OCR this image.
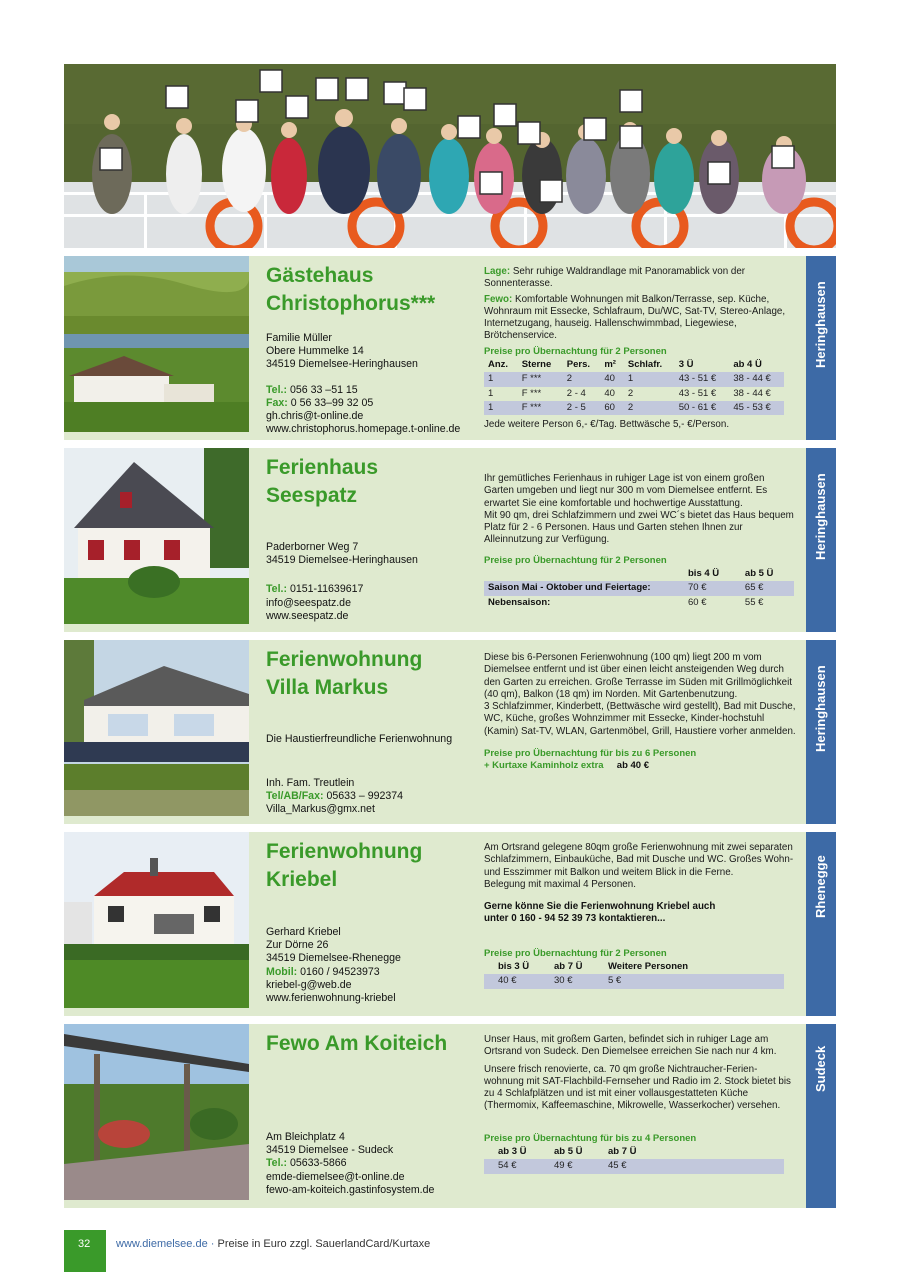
Gästehaus
Christophorus***
Familie Müller
Obere Hummelke 14
34519 Diemelsee-Heringhausen
Tel.: 056 33 –51 15
Fax: 0 56 33–99 32 05
gh.chris@t-online.de
www.christophorus.homepage.t-online.de

Lage: Sehr ruhige Waldrandlage mit Panoramablick von der Sonnenterasse.

Fewo: Komfortable Wohnungen mit Balkon/Terrasse, sep. Küche, Wohnraum mit Essecke, Schlafraum, Du/WC, Sat-TV, Stereo-Anlage, Internetzugang, hauseig. Hallenschwimmbad, Liegewiese, Brötchenservice.

Preise pro Übernachtung für 2 Personen
Anz.	Sterne	Pers.	m²	Schlafr.	3 Ü	ab 4 Ü
1	F ***	2	40	1	43 - 51 €	38 - 44 €
1	F ***	2 - 4	40	2	43 - 51 €	38 - 44 €
1	F ***	2 - 5	60	2	50 - 61 €	45 - 53 €
Jede weitere Person 6,- €/Tag. Bettwäsche 5,- €/Person.
Heringhausen
Ferienhaus
Seespatz
Paderborner Weg 7
34519 Diemelsee-Heringhausen
Tel.: 0151-11639617
info@seespatz.de
www.seespatz.de

Ihr gemütliches Ferienhaus in ruhiger Lage ist von einem großen Garten umgeben und liegt nur 300 m vom Diemelsee entfernt. Es erwartet Sie eine komfortable und hochwertige Ausstattung.

Mit 90 qm, drei Schlafzimmern und zwei WC´s bietet das Haus bequem Platz für 2 - 6 Personen. Haus und Garten stehen Ihnen zur Alleinnutzung zur Verfügung.

Preise pro Übernachtung für 2 Personen
	bis 4 Ü	ab 5 Ü
Saison Mai - Oktober und Feiertage:	70 €	65 €
Nebensaison:	60 €	55 €
Heringhausen
Ferienwohnung
Villa Markus
Die Haustierfreundliche Ferienwohnung
Inh. Fam. Treutlein
Tel/AB/Fax: 05633 – 992374
Villa_Markus@gmx.net

Diese bis 6-Personen Ferienwohnung (100 qm) liegt 200 m vom Diemelsee entfernt und ist über einen leicht ansteigenden Weg durch den Garten zu erreichen. Große Terrasse im Süden mit Grillmöglichkeit (40 qm), Balkon (18 qm) im Norden. Mit Gartenbenutzung.

3 Schlafzimmer, Kinderbett, (Bettwäsche wird gestellt), Bad mit Dusche, WC, Küche, großes Wohnzimmer mit Essecke, Kinder-hochstuhl (Kamin) Sat-TV, WLAN, Gartenmöbel, Grill, Haustiere vorher anmelden.

Preise pro Übernachtung für bis zu 6 Personen
+ Kurtaxe Kaminholz extra ab 40 €
Heringhausen
Ferienwohnung
Kriebel
Gerhard Kriebel
Zur Dörne 26
34519 Diemelsee-Rhenegge
Mobil: 0160 / 94523973
kriebel-g@web.de
www.ferienwohnung-kriebel

Am Ortsrand gelegene 80qm große Ferienwohnung mit zwei separaten Schlafzimmern, Einbauküche, Bad mit Dusche und WC. Großes Wohn- und Esszimmer mit Balkon und weitem Blick in die Ferne.

Belegung mit maximal 4 Personen.

Gerne könne Sie die Ferienwohnung Kriebel auch unter 0 160 - 94 52 39 73 kontaktieren...

Preise pro Übernachtung für 2 Personen
bis 3 Ü	ab 7 Ü	Weitere Personen
40 €	30 €	5 €
Rhenegge
Fewo Am Koiteich
Am Bleichplatz 4
34519 Diemelsee - Sudeck
Tel.: 05633-5866
emde-diemelsee@t-online.de
fewo-am-koiteich.gastinfosystem.de

Unser Haus, mit großem Garten, befindet sich in ruhiger Lage am Ortsrand von Sudeck. Den Diemelsee erreichen Sie nach nur 4 km.

Unsere frisch renovierte, ca. 70 qm große Nichtraucher-Ferien-wohnung mit SAT-Flachbild-Fernseher und Radio im 2. Stock bietet bis zu 4 Schlafplätzen und ist mit einer vollausgestatteten Küche (Thermomix, Kaffeemaschine, Mikrowelle, Wasserkocher) versehen.

Preise pro Übernachtung für bis zu 4 Personen
ab 3 Ü	ab 5 Ü	ab 7 Ü
54 €	49 €	45 €
Sudeck
32	www.diemelsee.de · Preise in Euro zzgl. SauerlandCard/Kurtaxe
